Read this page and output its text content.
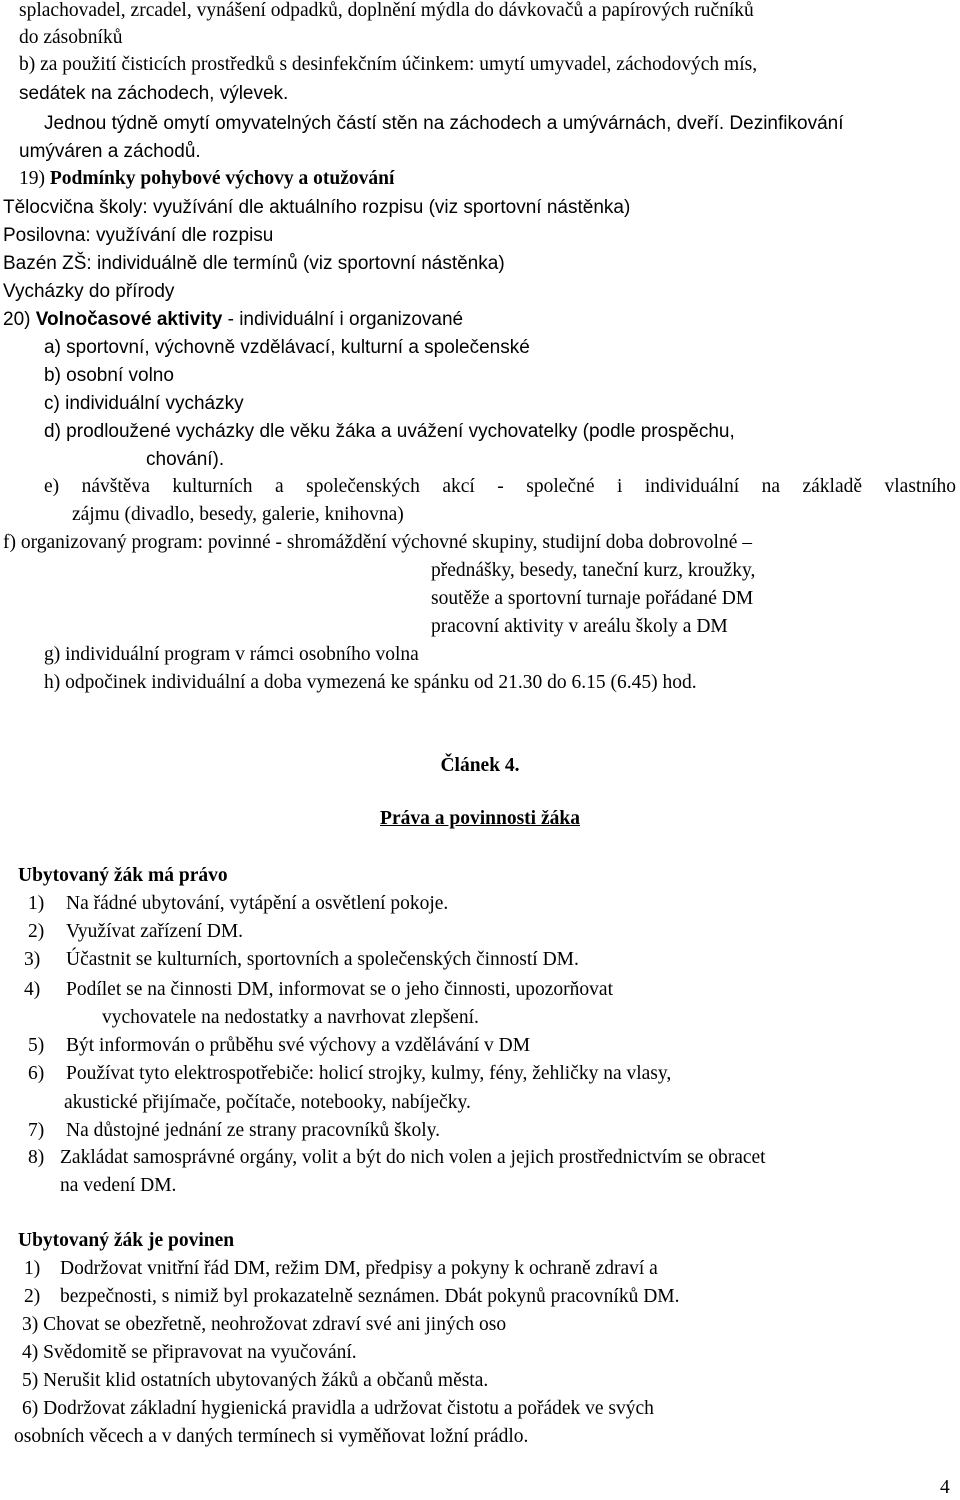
splachovadel, zrcadel, vynášení odpadků, doplnění mýdla do dávkovačů a papírových ručníků
do zásobníků
b) za použití čisticích prostředků s desinfekčním účinkem: umytí umyvadel, záchodových mís,
sedátek na záchodech, výlevek.
Jednou týdně omytí omyvatelných částí stěn na záchodech a umývárnách, dveří. Dezinfikování
umýváren a záchodů.
19) Podmínky pohybové výchovy a otužování
Tělocvična školy: využívání dle aktuálního rozpisu (viz sportovní nástěnka)
Posilovna: využívání dle rozpisu
Bazén ZŠ: individuálně dle termínů (viz sportovní nástěnka)
Vycházky do přírody
20) Volnočasové aktivity - individuální i organizované
a) sportovní, výchovně vzdělávací, kulturní a společenské
b) osobní volno
c) individuální vycházky
d) prodloužené vycházky dle věku žáka a uvážení vychovatelky (podle prospěchu,
chování).
e) návštěva kulturních a společenských akcí - společné i individuální na základě vlastního
zájmu (divadlo, besedy, galerie, knihovna)
f) organizovaný program: povinné - shromáždění výchovné skupiny, studijní doba dobrovolné –
přednášky, besedy, taneční kurz, kroužky,
soutěže a sportovní turnaje pořádané DM
pracovní aktivity v areálu školy a DM
g) individuální program v rámci osobního volna
h) odpočinek individuální a doba vymezená ke spánku od 21.30 do 6.15 (6.45) hod.
Článek 4.
Práva a povinnosti žáka
Ubytovaný žák má právo
1) Na řádné ubytování, vytápění a osvětlení pokoje.
2) Využívat zařízení DM.
3) Účastnit se kulturních, sportovních a společenských činností DM.
4) Podílet se na činnosti DM, informovat se o jeho činnosti, upozorňovat
vychovatele na nedostatky a navrhovat zlepšení.
5) Být informován o průběhu své výchovy a vzdělávání v DM
6) Používat tyto elektrospotřebiče: holicí strojky, kulmy, fény, žehličky na vlasy,
akustické přijímače, počítače, notebooky, nabíječky.
7) Na důstojné jednání ze strany pracovníků školy.
8) Zakládat samosprávné orgány, volit a být do nich volen a jejich prostřednictvím se obracet
na vedení DM.
Ubytovaný žák je povinen
1) Dodržovat vnitřní řád DM, režim DM, předpisy a pokyny k ochraně zdraví a
2) bezpečnosti, s nimiž byl prokazatelně seznámen. Dbát pokynů pracovníků DM.
3) Chovat se obezřetně, neohrožovat zdraví své ani jiných oso
4) Svědomitě se připravovat na vyučování.
5) Nerušit klid ostatních ubytovaných žáků a občanů města.
6) Dodržovat základní hygienická pravidla a udržovat čistotu a pořádek ve svých
osobních věcech a v daných termínech si vyměňovat ložní prádlo.
4
